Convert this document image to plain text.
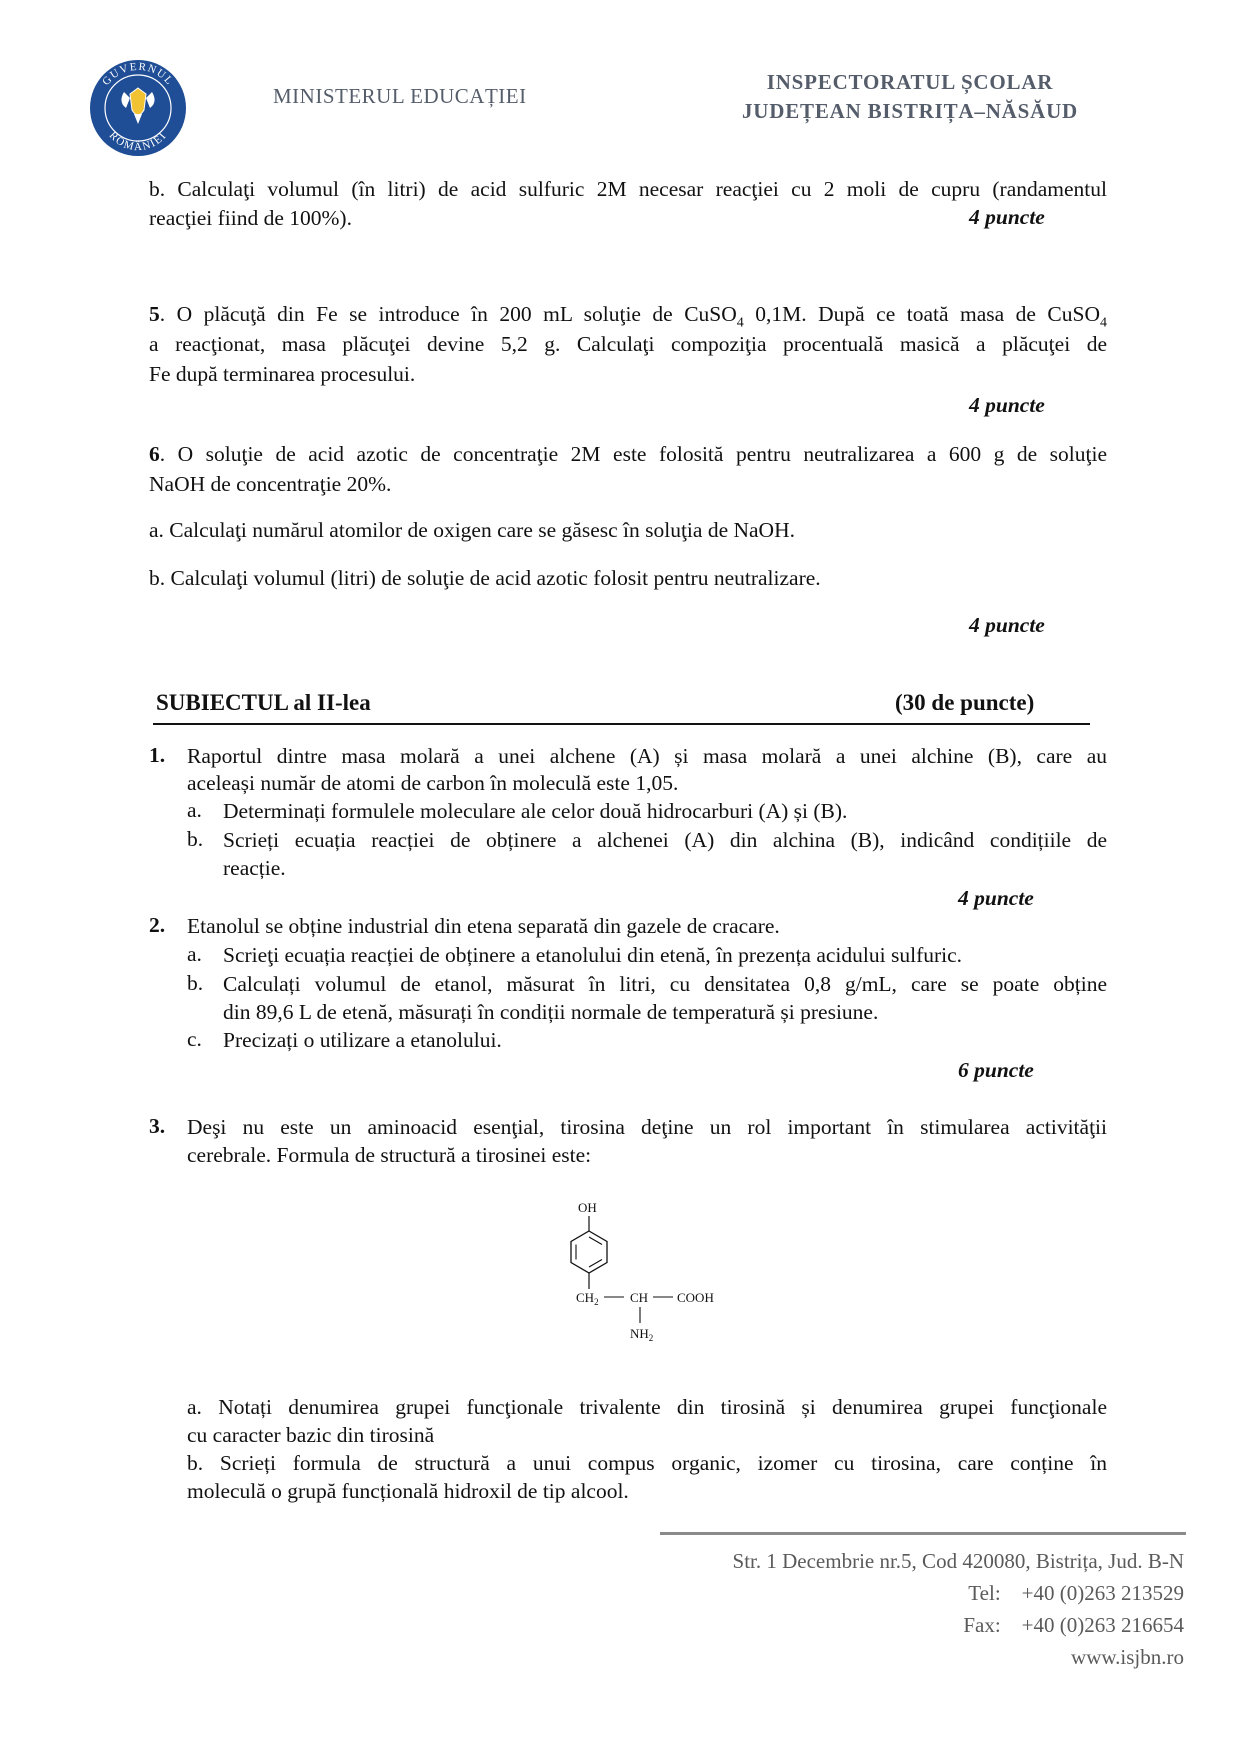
GUVERNUL
ROMÂNIEI
MINISTERUL EDUCAȚIEI
INSPECTORATUL ȘCOLAR
JUDEȚEAN BISTRIȚA–NĂSĂUD
b. Calculaţi volumul (în litri) de acid sulfuric 2M necesar reacţiei cu 2 moli de cupru (randamentul
reacţiei fiind de 100%).	4 puncte
5. O plăcuţă din Fe se introduce în 200 mL soluţie de CuSO$_4$ 0,1M. După ce toată masa de CuSO$_4$
a reacţionat, masa plăcuţei devine 5,2 g. Calculaţi compoziţia procentuală masică a plăcuţei de
Fe după terminarea procesului.
4 puncte
6. O soluţie de acid azotic de concentraţie 2M este folosită pentru neutralizarea a 600 g de soluţie
NaOH de concentraţie 20%.
a. Calculaţi numărul atomilor de oxigen care se găsesc în soluţia de NaOH.
b. Calculaţi volumul (litri) de soluţie de acid azotic folosit pentru neutralizare.
4 puncte
SUBIECTUL al II-lea	(30 de puncte)
1. Raportul dintre masa molară a unei alchene (A) și masa molară a unei alchine (B), care au
aceleași număr de atomi de carbon în moleculă este 1,05.
a. Determinați formulele moleculare ale celor două hidrocarburi (A) și (B).
b. Scrieți ecuația reacției de obținere a alchenei (A) din alchina (B), indicând condițiile de
reacție.
4 puncte
2. Etanolul se obține industrial din etena separată din gazele de cracare.
a. Scrieţi ecuația reacției de obținere a etanolului din etenă, în prezența acidului sulfuric.
b. Calculați volumul de etanol, măsurat în litri, cu densitatea 0,8 g/mL, care se poate obține
din 89,6 L de etenă, măsurați în condiții normale de temperatură și presiune.
c. Precizați o utilizare a etanolului.
6 puncte
3. Deşi nu este un aminoacid esenţial, tirosina deţine un rol important în stimularea activităţii
cerebrale. Formula de structură a tirosinei este:
OH
$CH_2$ CH COOH
$NH_2$
a. Notați denumirea grupei funcţionale trivalente din tirosină și denumirea grupei funcţionale
cu caracter bazic din tirosină
b. Scrieți formula de structură a unui compus organic, izomer cu tirosina, care conține în
moleculă o grupă funcțională hidroxil de tip alcool.
Str. 1 Decembrie nr.5, Cod 420080, Bistrița, Jud. B-N
Tel: +40 (0)263 213529
Fax: +40 (0)263 216654
www.isjbn.ro
